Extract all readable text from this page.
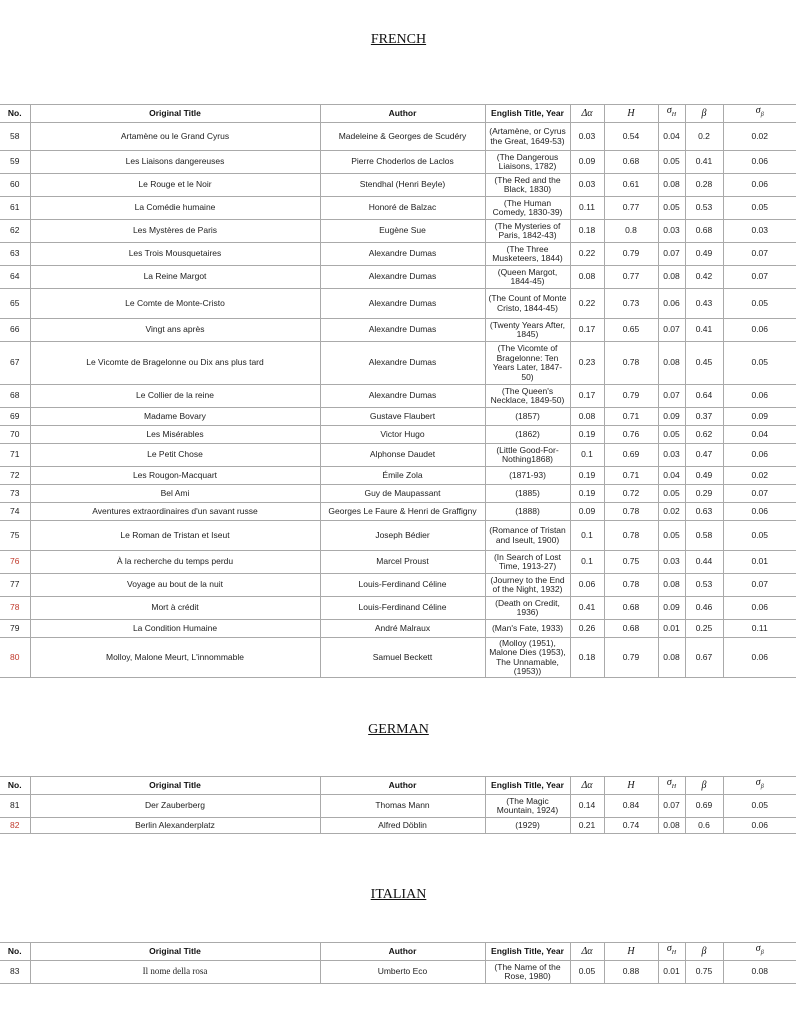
FRENCH
No.	Original Title	Author	English Title, Year	Δα	H	$\sigma_H$	β	$\sigma_\beta$
58	Artamène ou le Grand Cyrus	Madeleine & Georges de Scudéry	(Artamène, or Cyrus the Great, 1649-53)	0.03	0.54	0.04	0.2	0.02
59	Les Liaisons dangereuses	Pierre Choderlos de Laclos	(The Dangerous Liaisons, 1782)	0.09	0.68	0.05	0.41	0.06
60	Le Rouge et le Noir	Stendhal (Henri Beyle)	(The Red and the Black, 1830)	0.03	0.61	0.08	0.28	0.06
61	La Comédie humaine	Honoré de Balzac	(The Human Comedy, 1830-39)	0.11	0.77	0.05	0.53	0.05
62	Les Mystères de Paris	Eugène Sue	(The Mysteries of Paris, 1842-43)	0.18	0.8	0.03	0.68	0.03
63	Les Trois Mousquetaires	Alexandre Dumas	(The Three Musketeers, 1844)	0.22	0.79	0.07	0.49	0.07
64	La Reine Margot	Alexandre Dumas	(Queen Margot, 1844-45)	0.08	0.77	0.08	0.42	0.07
65	Le Comte de Monte-Cristo	Alexandre Dumas	(The Count of Monte Cristo, 1844-45)	0.22	0.73	0.06	0.43	0.05
66	Vingt ans après	Alexandre Dumas	(Twenty Years After, 1845)	0.17	0.65	0.07	0.41	0.06
67	Le Vicomte de Bragelonne ou Dix ans plus tard	Alexandre Dumas	(The Vicomte of Bragelonne: Ten Years Later, 1847-50)	0.23	0.78	0.08	0.45	0.05
68	Le Collier de la reine	Alexandre Dumas	(The Queen's Necklace, 1849-50)	0.17	0.79	0.07	0.64	0.06
69	Madame Bovary	Gustave Flaubert	(1857)	0.08	0.71	0.09	0.37	0.09
70	Les Misérables	Victor Hugo	(1862)	0.19	0.76	0.05	0.62	0.04
71	Le Petit Chose	Alphonse Daudet	(Little Good-For-Nothing1868)	0.1	0.69	0.03	0.47	0.06
72	Les Rougon-Macquart	Émile Zola	(1871-93)	0.19	0.71	0.04	0.49	0.02
73	Bel Ami	Guy de Maupassant	(1885)	0.19	0.72	0.05	0.29	0.07
74	Aventures extraordinaires d'un savant russe	Georges Le Faure & Henri de Graffigny	(1888)	0.09	0.78	0.02	0.63	0.06
75	Le Roman de Tristan et Iseut	Joseph Bédier	(Romance of Tristan and Iseult, 1900)	0.1	0.78	0.05	0.58	0.05
76	À la recherche du temps perdu	Marcel Proust	(In Search of Lost Time, 1913-27)	0.1	0.75	0.03	0.44	0.01
77	Voyage au bout de la nuit	Louis-Ferdinand Céline	(Journey to the End of the Night, 1932)	0.06	0.78	0.08	0.53	0.07
78	Mort à crédit	Louis-Ferdinand Céline	(Death on Credit, 1936)	0.41	0.68	0.09	0.46	0.06
79	La Condition Humaine	André Malraux	(Man's Fate, 1933)	0.26	0.68	0.01	0.25	0.11
80	Molloy, Malone Meurt, L'innommable	Samuel Beckett	(Molloy (1951), Malone Dies (1953), The Unnamable, (1953))	0.18	0.79	0.08	0.67	0.06
GERMAN
No.	Original Title	Author	English Title, Year	Δα	H	$\sigma_H$	β	$\sigma_\beta$
81	Der Zauberberg	Thomas Mann	(The Magic Mountain, 1924)	0.14	0.84	0.07	0.69	0.05
82	Berlin Alexanderplatz	Alfred Döblin	(1929)	0.21	0.74	0.08	0.6	0.06
ITALIAN
No.	Original Title	Author	English Title, Year	Δα	H	$\sigma_H$	β	$\sigma_\beta$
83	Il nome della rosa	Umberto Eco	(The Name of the Rose, 1980)	0.05	0.88	0.01	0.75	0.08
